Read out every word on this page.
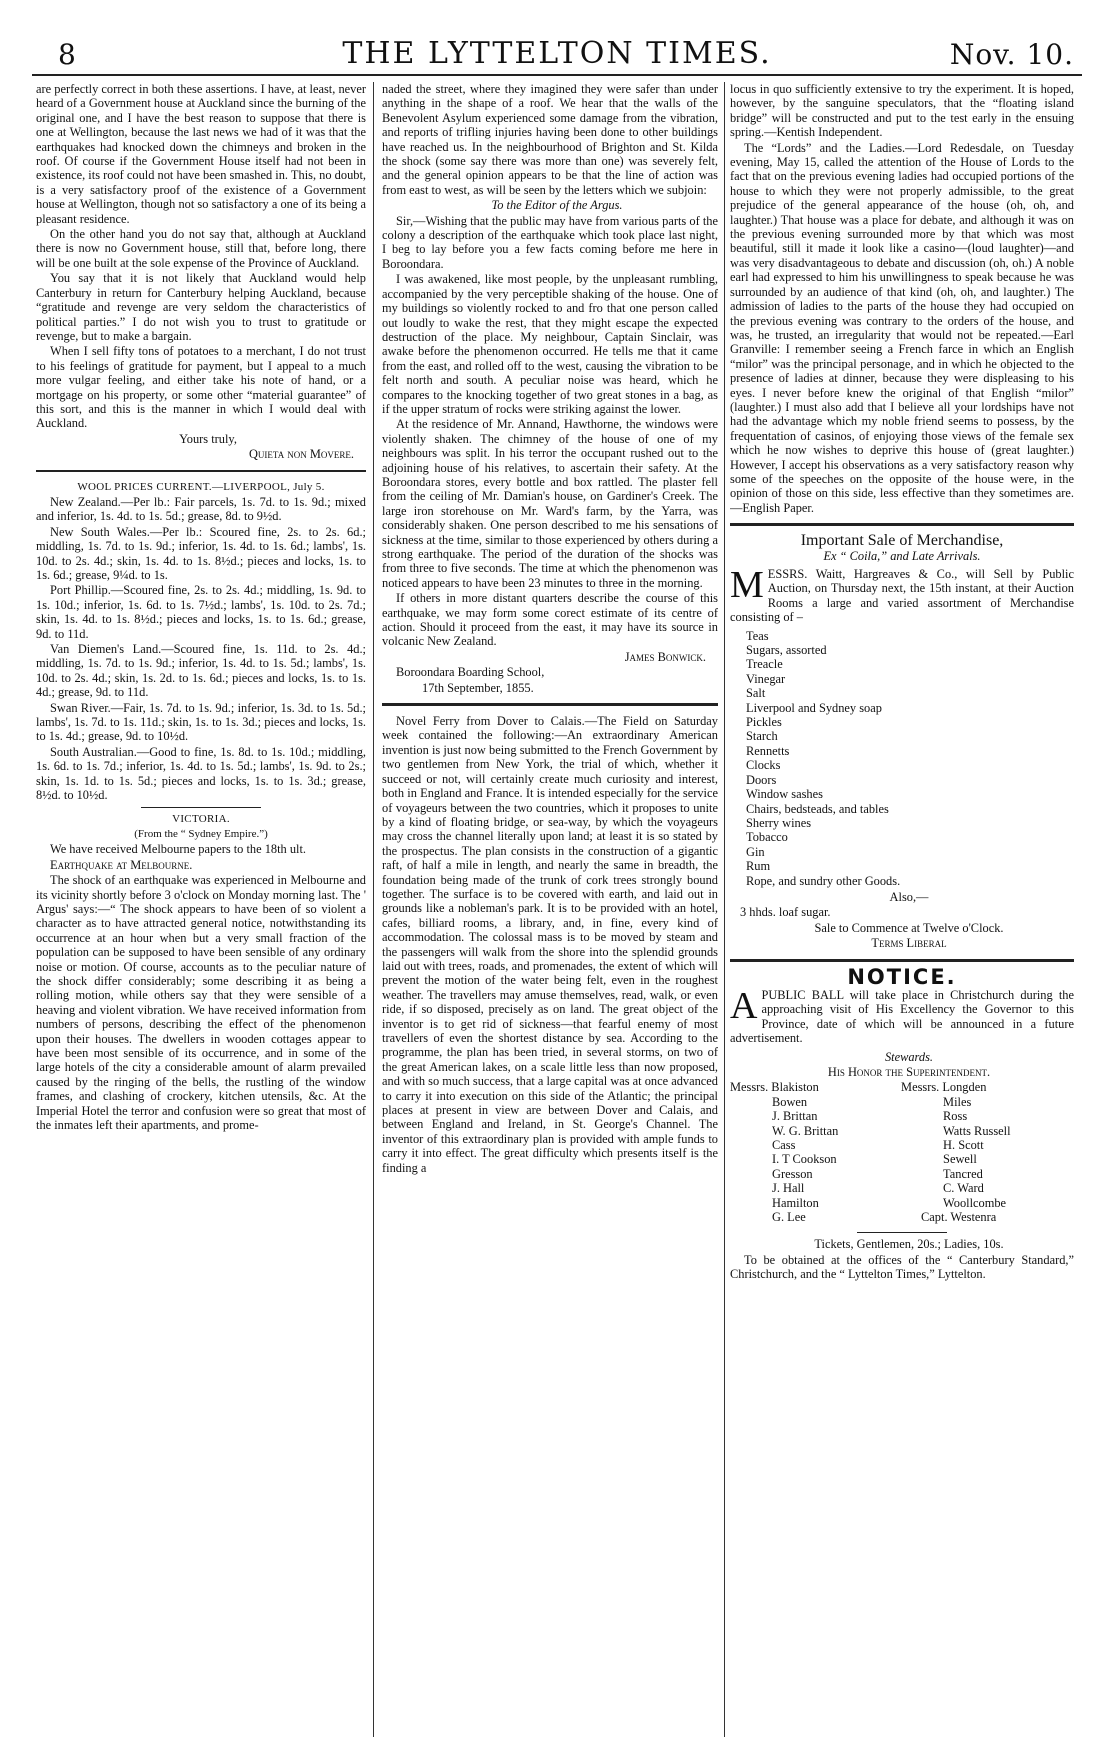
8	THE LYTTELTON TIMES.	Nov. 10.

are perfectly correct in both these assertions. I have, at least, never heard of a Government house at Auckland since the burning of the original one, and I have the best reason to suppose that there is one at Wellington, because the last news we had of it was that the earthquakes had knocked down the chimneys and broken in the roof. Of course if the Government House itself had not been in existence, its roof could not have been smashed in. This, no doubt, is a very satisfactory proof of the existence of a Government house at Wellington, though not so satisfactory a one of its being a pleasant residence.

On the other hand you do not say that, although at Auckland there is now no Government house, still that, before long, there will be one built at the sole expense of the Province of Auckland.

You say that it is not likely that Auckland would help Canterbury in return for Canterbury helping Auckland, because “gratitude and revenge are very seldom the characteristics of political parties.” I do not wish you to trust to gratitude or revenge, but to make a bargain.

When I sell fifty tons of potatoes to a merchant, I do not trust to his feelings of gratitude for payment, but I appeal to a much more vulgar feeling, and either take his note of hand, or a mortgage on his property, or some other “material guarantee” of this sort, and this is the manner in which I would deal with Auckland.

Yours truly,

Quieta non Movere.

WOOL PRICES CURRENT.—LIVERPOOL, July 5.

New Zealand.—Per lb.: Fair parcels, 1s. 7d. to 1s. 9d.; mixed and inferior, 1s. 4d. to 1s. 5d.; grease, 8d. to 9½d.

New South Wales.—Per lb.: Scoured fine, 2s. to 2s. 6d.; middling, 1s. 7d. to 1s. 9d.; inferior, 1s. 4d. to 1s. 6d.; lambs', 1s. 10d. to 2s. 4d.; skin, 1s. 4d. to 1s. 8½d.; pieces and locks, 1s. to 1s. 6d.; grease, 9¼d. to 1s.

Port Phillip.—Scoured fine, 2s. to 2s. 4d.; middling, 1s. 9d. to 1s. 10d.; inferior, 1s. 6d. to 1s. 7½d.; lambs', 1s. 10d. to 2s. 7d.; skin, 1s. 4d. to 1s. 8½d.; pieces and locks, 1s. to 1s. 6d.; grease, 9d. to 11d.

Van Diemen's Land.—Scoured fine, 1s. 11d. to 2s. 4d.; middling, 1s. 7d. to 1s. 9d.; inferior, 1s. 4d. to 1s. 5d.; lambs', 1s. 10d. to 2s. 4d.; skin, 1s. 2d. to 1s. 6d.; pieces and locks, 1s. to 1s. 4d.; grease, 9d. to 11d.

Swan River.—Fair, 1s. 7d. to 1s. 9d.; inferior, 1s. 3d. to 1s. 5d.; lambs', 1s. 7d. to 1s. 11d.; skin, 1s. to 1s. 3d.; pieces and locks, 1s. to 1s. 4d.; grease, 9d. to 10½d.

South Australian.—Good to fine, 1s. 8d. to 1s. 10d.; middling, 1s. 6d. to 1s. 7d.; inferior, 1s. 4d. to 1s. 5d.; lambs', 1s. 9d. to 2s.; skin, 1s. 1d. to 1s. 5d.; pieces and locks, 1s. to 1s. 3d.; grease, 8½d. to 10½d.

VICTORIA.

(From the “ Sydney Empire.”)

We have received Melbourne papers to the 18th ult.

Earthquake at Melbourne.

The shock of an earthquake was experienced in Melbourne and its vicinity shortly before 3 o'clock on Monday morning last. The ' Argus' says:—“ The shock appears to have been of so violent a character as to have attracted general notice, notwithstanding its occurrence at an hour when but a very small fraction of the population can be supposed to have been sensible of any ordinary noise or motion. Of course, accounts as to the peculiar nature of the shock differ considerably; some describing it as being a rolling motion, while others say that they were sensible of a heaving and violent vibration. We have received information from numbers of persons, describing the effect of the phenomenon upon their houses. The dwellers in wooden cottages appear to have been most sensible of its occurrence, and in some of the large hotels of the city a considerable amount of alarm prevailed caused by the ringing of the bells, the rustling of the window frames, and clashing of crockery, kitchen utensils, &c. At the Imperial Hotel the terror and confusion were so great that most of the inmates left their apartments, and prome-

naded the street, where they imagined they were safer than under anything in the shape of a roof. We hear that the walls of the Benevolent Asylum experienced some damage from the vibration, and reports of trifling injuries having been done to other buildings have reached us. In the neighbourhood of Brighton and St. Kilda the shock (some say there was more than one) was severely felt, and the general opinion appears to be that the line of action was from east to west, as will be seen by the letters which we subjoin:

To the Editor of the Argus.

Sir,—Wishing that the public may have from various parts of the colony a description of the earthquake which took place last night, I beg to lay before you a few facts coming before me here in Boroondara.

I was awakened, like most people, by the unpleasant rumbling, accompanied by the very perceptible shaking of the house. One of my buildings so violently rocked to and fro that one person called out loudly to wake the rest, that they might escape the expected destruction of the place. My neighbour, Captain Sinclair, was awake before the phenomenon occurred. He tells me that it came from the east, and rolled off to the west, causing the vibration to be felt north and south. A peculiar noise was heard, which he compares to the knocking together of two great stones in a bag, as if the upper stratum of rocks were striking against the lower.

At the residence of Mr. Annand, Hawthorne, the windows were violently shaken. The chimney of the house of one of my neighbours was split. In his terror the occupant rushed out to the adjoining house of his relatives, to ascertain their safety. At the Boroondara stores, every bottle and box rattled. The plaster fell from the ceiling of Mr. Damian's house, on Gardiner's Creek. The large iron storehouse on Mr. Ward's farm, by the Yarra, was considerably shaken. One person described to me his sensations of sickness at the time, similar to those experienced by others during a strong earthquake. The period of the duration of the shocks was from three to five seconds. The time at which the phenomenon was noticed appears to have been 23 minutes to three in the morning.

If others in more distant quarters describe the course of this earthquake, we may form some corect estimate of its centre of action. Should it proceed from the east, it may have its source in volcanic New Zealand.

James Bonwick.

Boroondara Boarding School,

17th September, 1855.

Novel Ferry from Dover to Calais.—The Field on Saturday week contained the following:—An extraordinary American invention is just now being submitted to the French Government by two gentlemen from New York, the trial of which, whether it succeed or not, will certainly create much curiosity and interest, both in England and France. It is intended especially for the service of voyageurs between the two countries, which it proposes to unite by a kind of floating bridge, or sea-way, by which the voyageurs may cross the channel literally upon land; at least it is so stated by the prospectus. The plan consists in the construction of a gigantic raft, of half a mile in length, and nearly the same in breadth, the foundation being made of the trunk of cork trees strongly bound together. The surface is to be covered with earth, and laid out in grounds like a nobleman's park. It is to be provided with an hotel, cafes, billiard rooms, a library, and, in fine, every kind of accommodation. The colossal mass is to be moved by steam and the passengers will walk from the shore into the splendid grounds laid out with trees, roads, and promenades, the extent of which will prevent the motion of the water being felt, even in the roughest weather. The travellers may amuse themselves, read, walk, or even ride, if so disposed, precisely as on land. The great object of the inventor is to get rid of sickness—that fearful enemy of most travellers of even the shortest distance by sea. According to the programme, the plan has been tried, in several storms, on two of the great American lakes, on a scale little less than now proposed, and with so much success, that a large capital was at once advanced to carry it into execution on this side of the Atlantic; the principal places at present in view are between Dover and Calais, and between England and Ireland, in St. George's Channel. The inventor of this extraordinary plan is provided with ample funds to carry it into effect. The great difficulty which presents itself is the finding a

locus in quo sufficiently extensive to try the experiment. It is hoped, however, by the sanguine speculators, that the “floating island bridge” will be constructed and put to the test early in the ensuing spring.—Kentish Independent.

The “Lords” and the Ladies.—Lord Redesdale, on Tuesday evening, May 15, called the attention of the House of Lords to the fact that on the previous evening ladies had occupied portions of the house to which they were not properly admissible, to the great prejudice of the general appearance of the house (oh, oh, and laughter.) That house was a place for debate, and although it was on the previous evening surrounded more by that which was most beautiful, still it made it look like a casino—(loud laughter)—and was very disadvantageous to debate and discussion (oh, oh.) A noble earl had expressed to him his unwillingness to speak because he was surrounded by an audience of that kind (oh, oh, and laughter.) The admission of ladies to the parts of the house they had occupied on the previous evening was contrary to the orders of the house, and was, he trusted, an irregularity that would not be repeated.—Earl Granville: I remember seeing a French farce in which an English “milor” was the principal personage, and in which he objected to the presence of ladies at dinner, because they were displeasing to his eyes. I never before knew the original of that English “milor” (laughter.) I must also add that I believe all your lordships have not had the advantage which my noble friend seems to possess, by the frequentation of casinos, of enjoying those views of the female sex which he now wishes to deprive this house of (great laughter.) However, I accept his observations as a very satisfactory reason why some of the speeches on the opposite of the house were, in the opinion of those on this side, less effective than they sometimes are.—English Paper.

Important Sale of Merchandise,
Ex “ Coila,” and Late Arrivals.

MESSRS. Waitt, Hargreaves & Co., will Sell by Public Auction, on Thursday next, the 15th instant, at their Auction Rooms a large and varied assortment of Merchandise consisting of –

Teas
Sugars, assorted
Treacle
Vinegar
Salt
Liverpool and Sydney soap
Pickles
Starch
Rennetts
Clocks
Doors
Window sashes
Chairs, bedsteads, and tables
Sherry wines
Tobacco
Gin
Rum
Rope, and sundry other Goods.

Also,—

3 hhds. loaf sugar.

Sale to Commence at Twelve o'Clock.

Terms Liberal

NOTICE.

APUBLIC BALL will take place in Christchurch during the approaching visit of His Excellency the Governor to this Province, date of which will be announced in a future advertisement.

Stewards.

His Honor the Superintendent.

Messrs. Blakiston	Messrs. Longden
Bowen	Miles
J. Brittan	Ross
W. G. Brittan	Watts Russell
Cass	H. Scott
I. T Cookson	Sewell
Gresson	Tancred
J. Hall	C. Ward
Hamilton	Woollcombe
G. Lee	Capt. Westenra

Tickets, Gentlemen, 20s.; Ladies, 10s.

To be obtained at the offices of the “ Canterbury Standard,” Christchurch, and the “ Lyttelton Times,” Lyttelton.
